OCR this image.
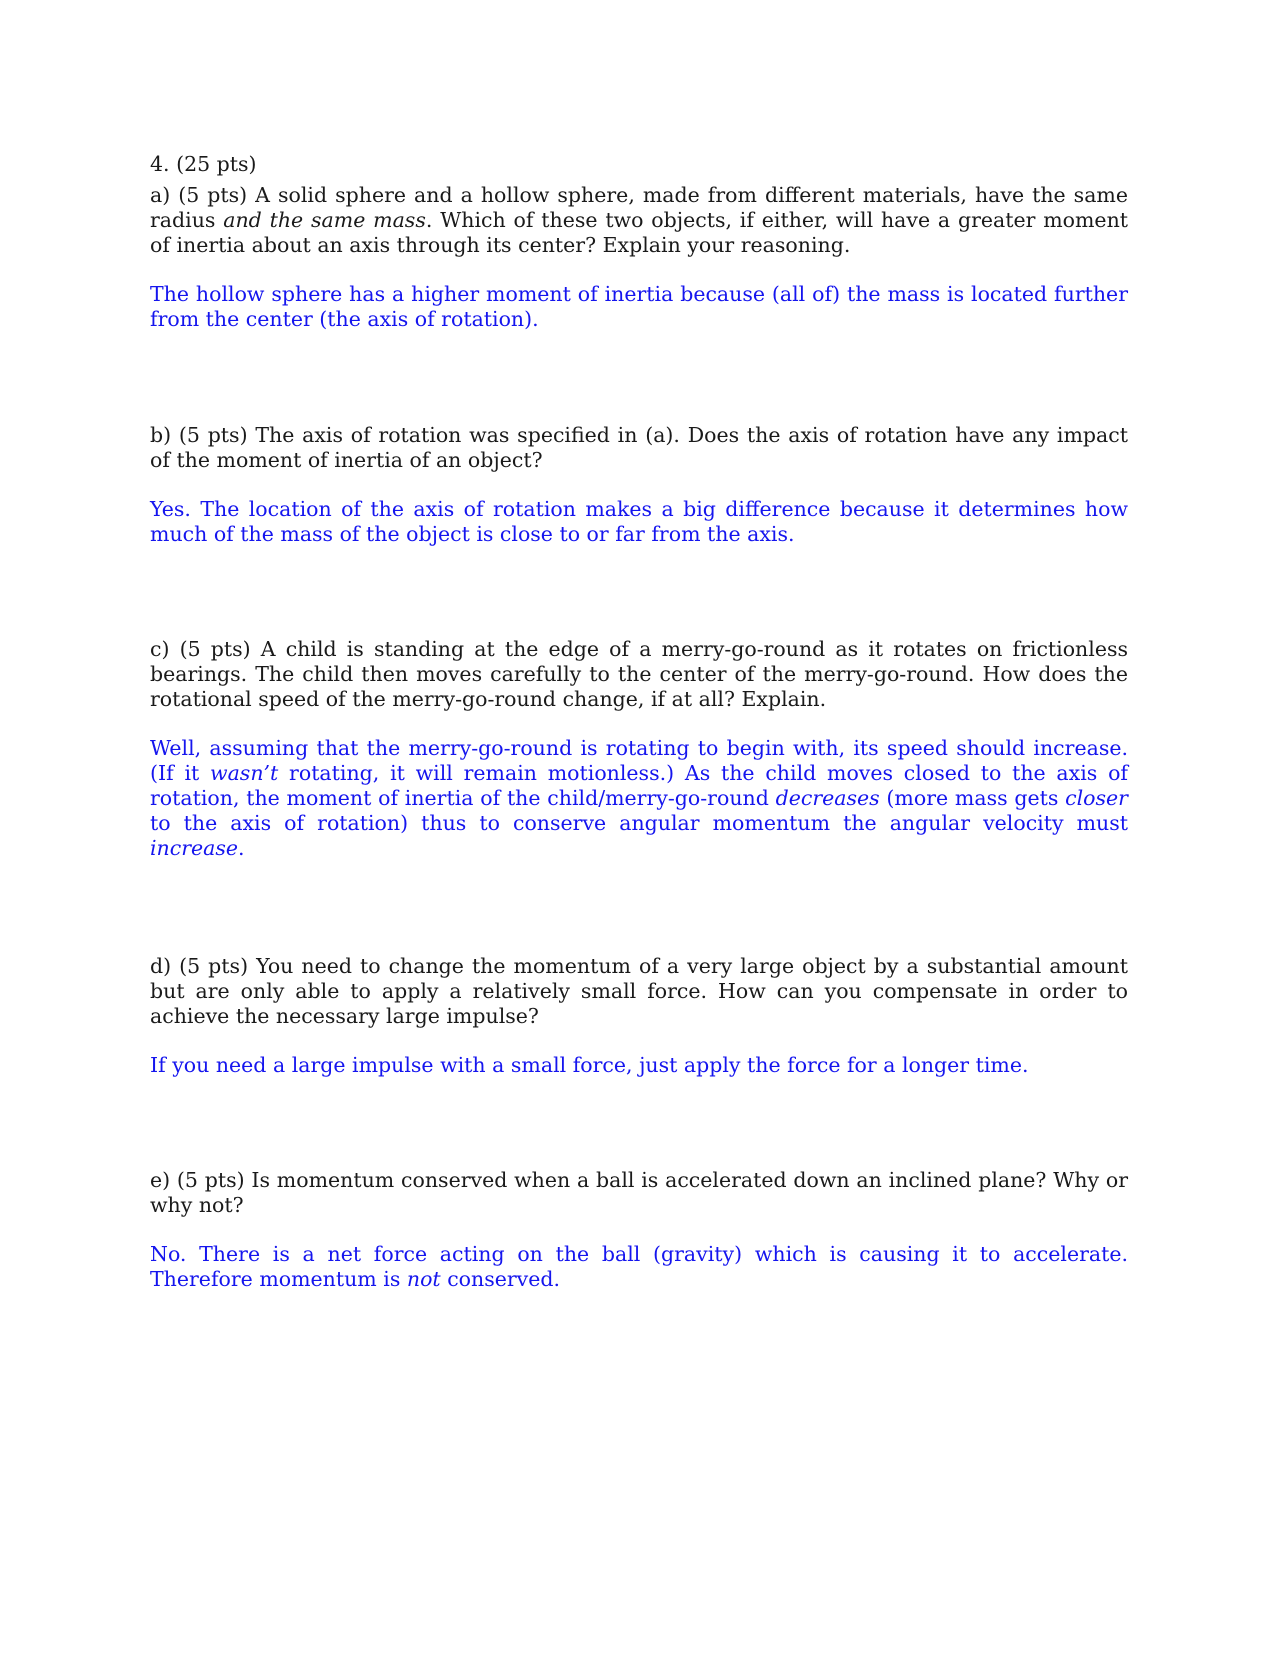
4. (25 pts)

a) (5 pts) A solid sphere and a hollow sphere, made from different materials, have the same radius and the same mass. Which of these two objects, if either, will have a greater moment of inertia about an axis through its center? Explain your reasoning.

The hollow sphere has a higher moment of inertia because (all of) the mass is located further from the center (the axis of rotation).

b) (5 pts) The axis of rotation was specified in (a). Does the axis of rotation have any impact of the moment of inertia of an object?

Yes. The location of the axis of rotation makes a big difference because it determines how much of the mass of the object is close to or far from the axis.

c) (5 pts) A child is standing at the edge of a merry-go-round as it rotates on frictionless bearings. The child then moves carefully to the center of the merry-go-round. How does the rotational speed of the merry-go-round change, if at all? Explain.

Well, assuming that the merry-go-round is rotating to begin with, its speed should increase. (If it wasn’t rotating, it will remain motionless.) As the child moves closed to the axis of rotation, the moment of inertia of the child/merry-go-round decreases (more mass gets closer to the axis of rotation) thus to conserve angular momentum the angular velocity must increase.

d) (5 pts) You need to change the momentum of a very large object by a substantial amount but are only able to apply a relatively small force. How can you compensate in order to achieve the necessary large impulse?

If you need a large impulse with a small force, just apply the force for a longer time.

e) (5 pts) Is momentum conserved when a ball is accelerated down an inclined plane? Why or why not?

No. There is a net force acting on the ball (gravity) which is causing it to accelerate. Therefore momentum is not conserved.
